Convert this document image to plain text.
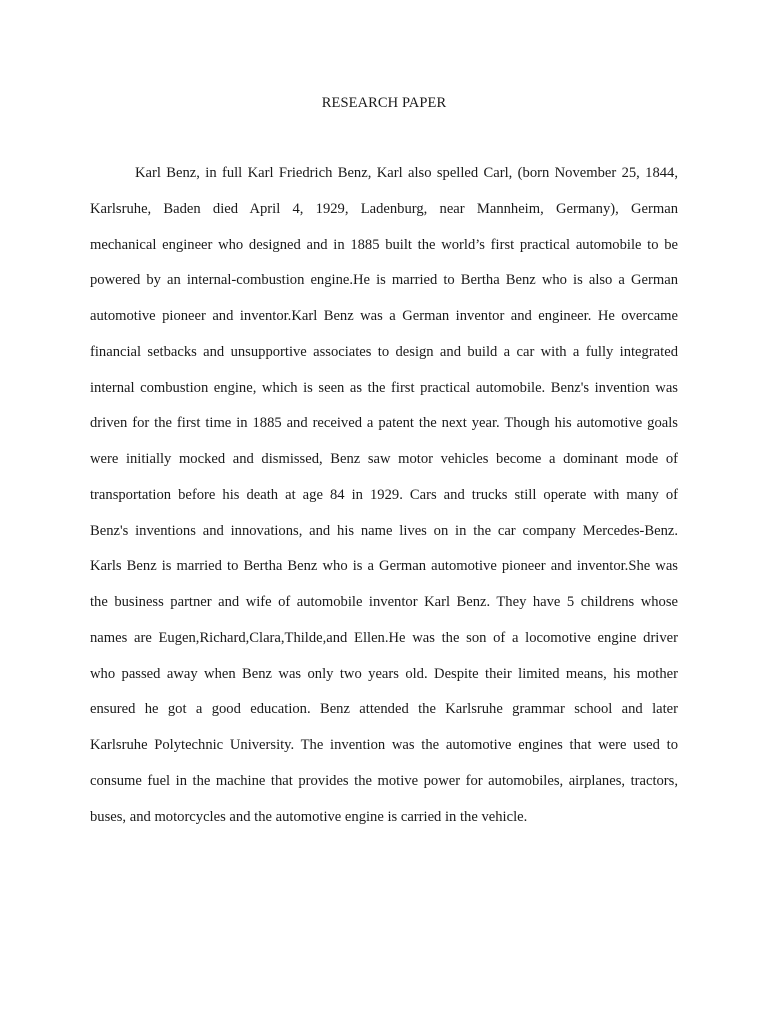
RESEARCH PAPER
Karl Benz, in full Karl Friedrich Benz, Karl also spelled Carl, (born November 25, 1844,
Karlsruhe, Baden died April 4, 1929, Ladenburg, near Mannheim, Germany), German
mechanical engineer who designed and in 1885 built the world’s first practical automobile to be
powered by an internal-combustion engine.He is married to Bertha Benz who is also a German
automotive pioneer and inventor.Karl Benz was a German inventor and engineer. He overcame
financial setbacks and unsupportive associates to design and build a car with a fully integrated
internal combustion engine, which is seen as the first practical automobile. Benz's invention was
driven for the first time in 1885 and received a patent the next year. Though his automotive goals
were initially mocked and dismissed, Benz saw motor vehicles become a dominant mode of
transportation before his death at age 84 in 1929. Cars and trucks still operate with many of
Benz's inventions and innovations, and his name lives on in the car company Mercedes-Benz.
Karls Benz is married to Bertha Benz who is a German automotive pioneer and inventor.She was
the business partner and wife of automobile inventor Karl Benz. They have 5 childrens whose
names are Eugen,Richard,Clara,Thilde,and Ellen.He was the son of a locomotive engine driver
who passed away when Benz was only two years old. Despite their limited means, his mother
ensured he got a good education. Benz attended the Karlsruhe grammar school and later
Karlsruhe Polytechnic University. The invention was the automotive engines that were used to
consume fuel in the machine that provides the motive power for automobiles, airplanes, tractors,
buses, and motorcycles and the automotive engine is carried in the vehicle.
